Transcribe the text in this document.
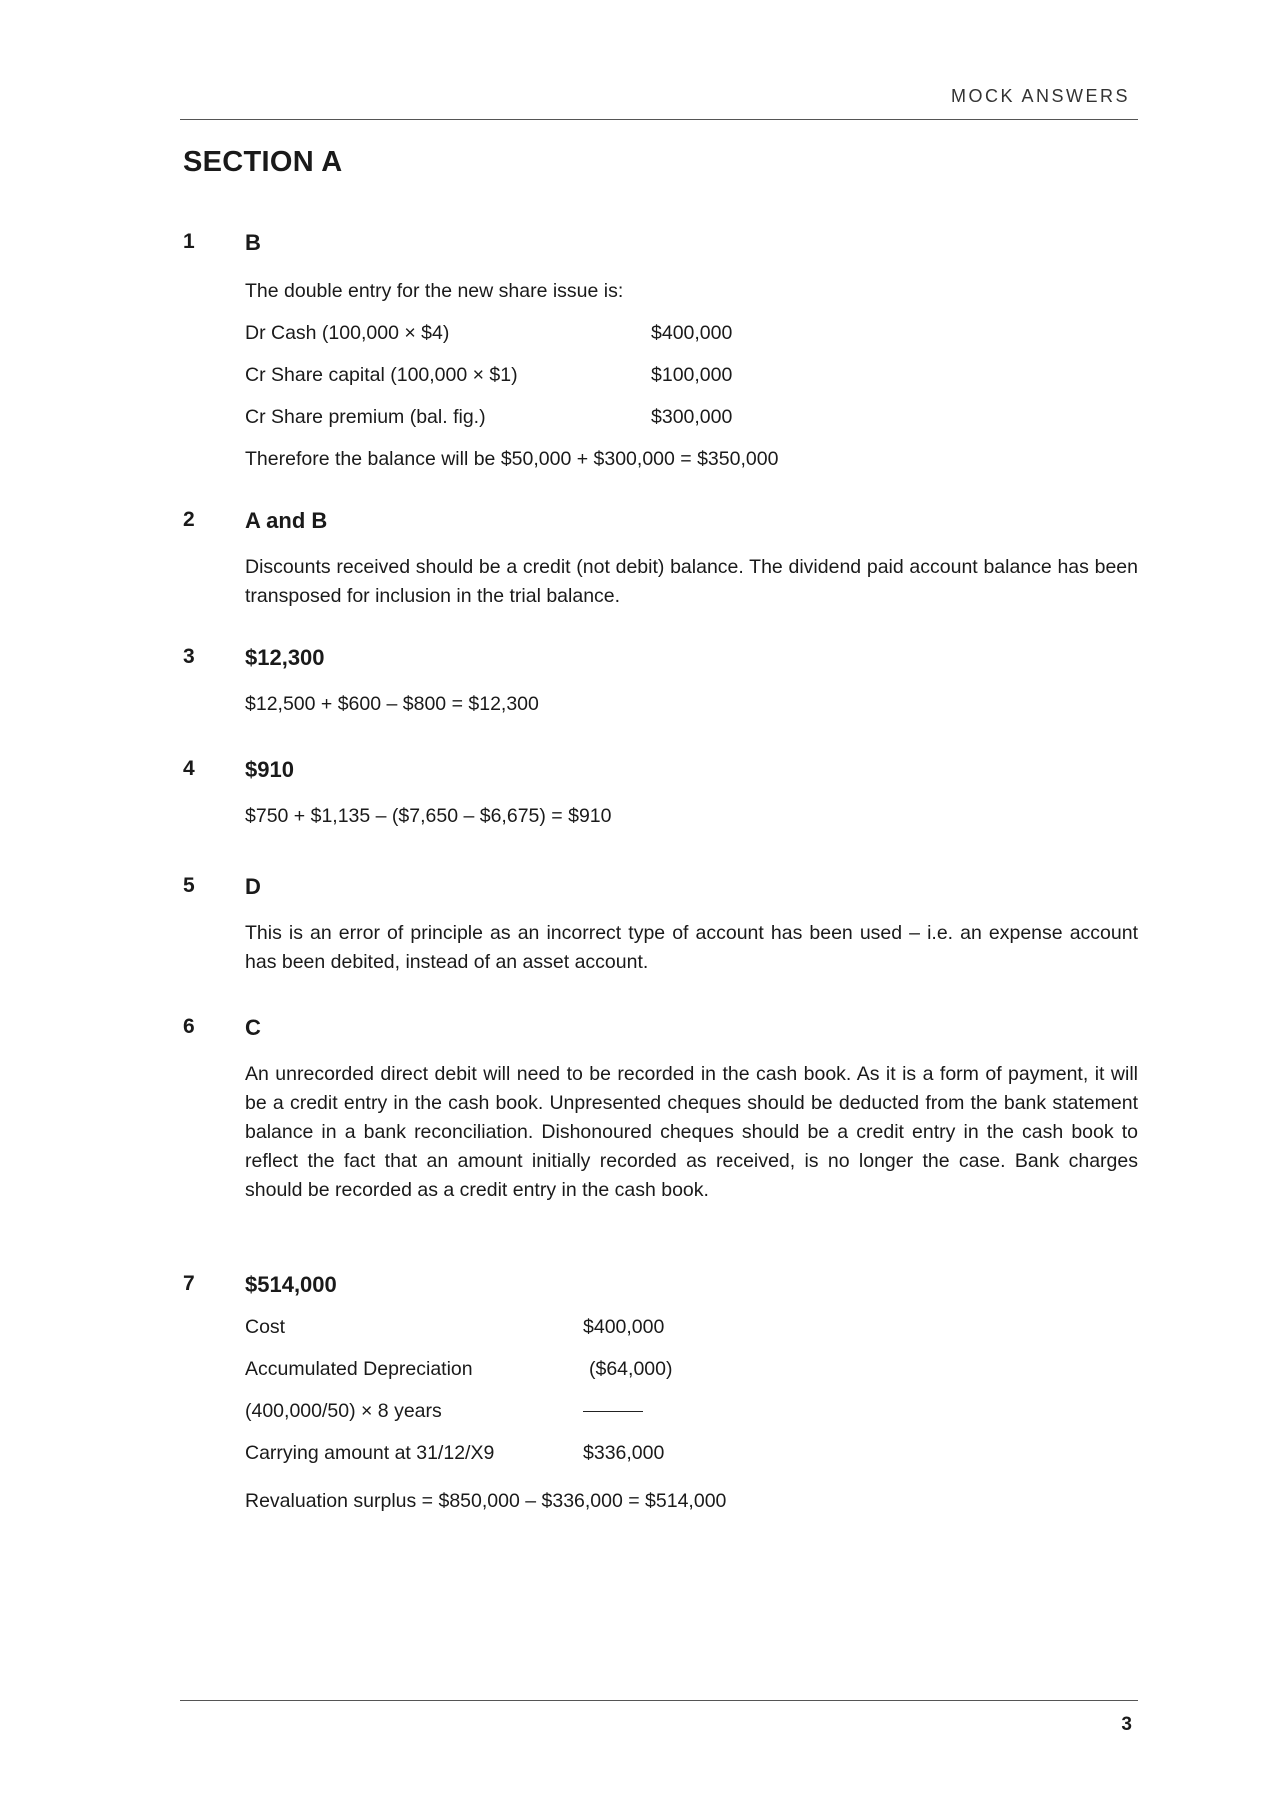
MOCK ANSWERS
SECTION A
1 B
The double entry for the new share issue is:
Dr Cash (100,000 × $4)	$400,000
Cr Share capital (100,000 × $1)	$100,000
Cr Share premium (bal. fig.)	$300,000
Therefore the balance will be $50,000 + $300,000 = $350,000
2 A and B

Discounts received should be a credit (not debit) balance. The dividend paid account balance has been transposed for inclusion in the trial balance.

3 $12,300

$12,500 + $600 – $800 = $12,300

4 $910

$750 + $1,135 – ($7,650 – $6,675) = $910

5 D

This is an error of principle as an incorrect type of account has been used – i.e. an expense account has been debited, instead of an asset account.

6 C

An unrecorded direct debit will need to be recorded in the cash book. As it is a form of payment, it will be a credit entry in the cash book. Unpresented cheques should be deducted from the bank statement balance in a bank reconciliation. Dishonoured cheques should be a credit entry in the cash book to reflect the fact that an amount initially recorded as received, is no longer the case. Bank charges should be recorded as a credit entry in the cash book.

7 $514,000
Cost	$400,000
Accumulated Depreciation	($64,000)
(400,000/50) × 8 years
Carrying amount at 31/12/X9	$336,000
Revaluation surplus = $850,000 – $336,000 = $514,000
3
